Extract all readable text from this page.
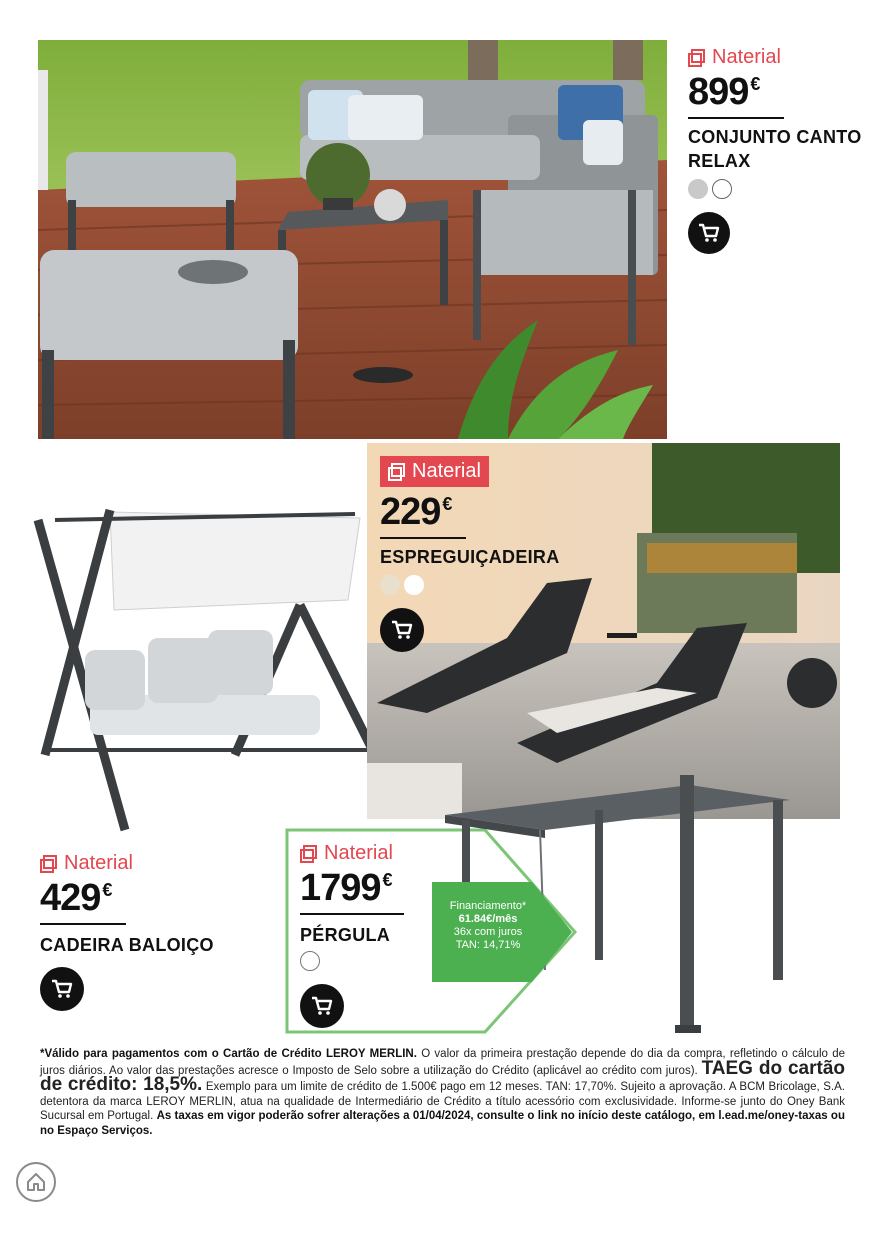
Naterial
899 €
CONJUNTO CANTO
RELAX
Naterial
429 €
CADEIRA BALOIÇO
Naterial
229 €
ESPREGUIÇADEIRA
Naterial
1799 €
PÉRGULA
Financiamento*
61.84€/mês
36x com juros
TAN: 14,71%
*Válido para pagamentos com o Cartão de Crédito LEROY MERLIN. O valor da primeira prestação depende do dia da compra, refletindo o cálculo de juros diários. Ao valor das prestações acresce o Imposto de Selo sobre a utilização do Crédito (aplicável ao crédito com juros). TAEG do cartão de crédito: 18,5%. Exemplo para um limite de crédito de 1.500€ pago em 12 meses. TAN: 17,70%. Sujeito a aprovação. A BCM Bricolage, S.A. detentora da marca LEROY MERLIN, atua na qualidade de Intermediário de Crédito a título acessório com exclusividade. Informe-se junto do Oney Bank Sucursal em Portugal. As taxas em vigor poderão sofrer alterações a 01/04/2024, consulte o link no início deste catálogo, em l.ead.me/oney-taxas ou no Espaço Serviços.
